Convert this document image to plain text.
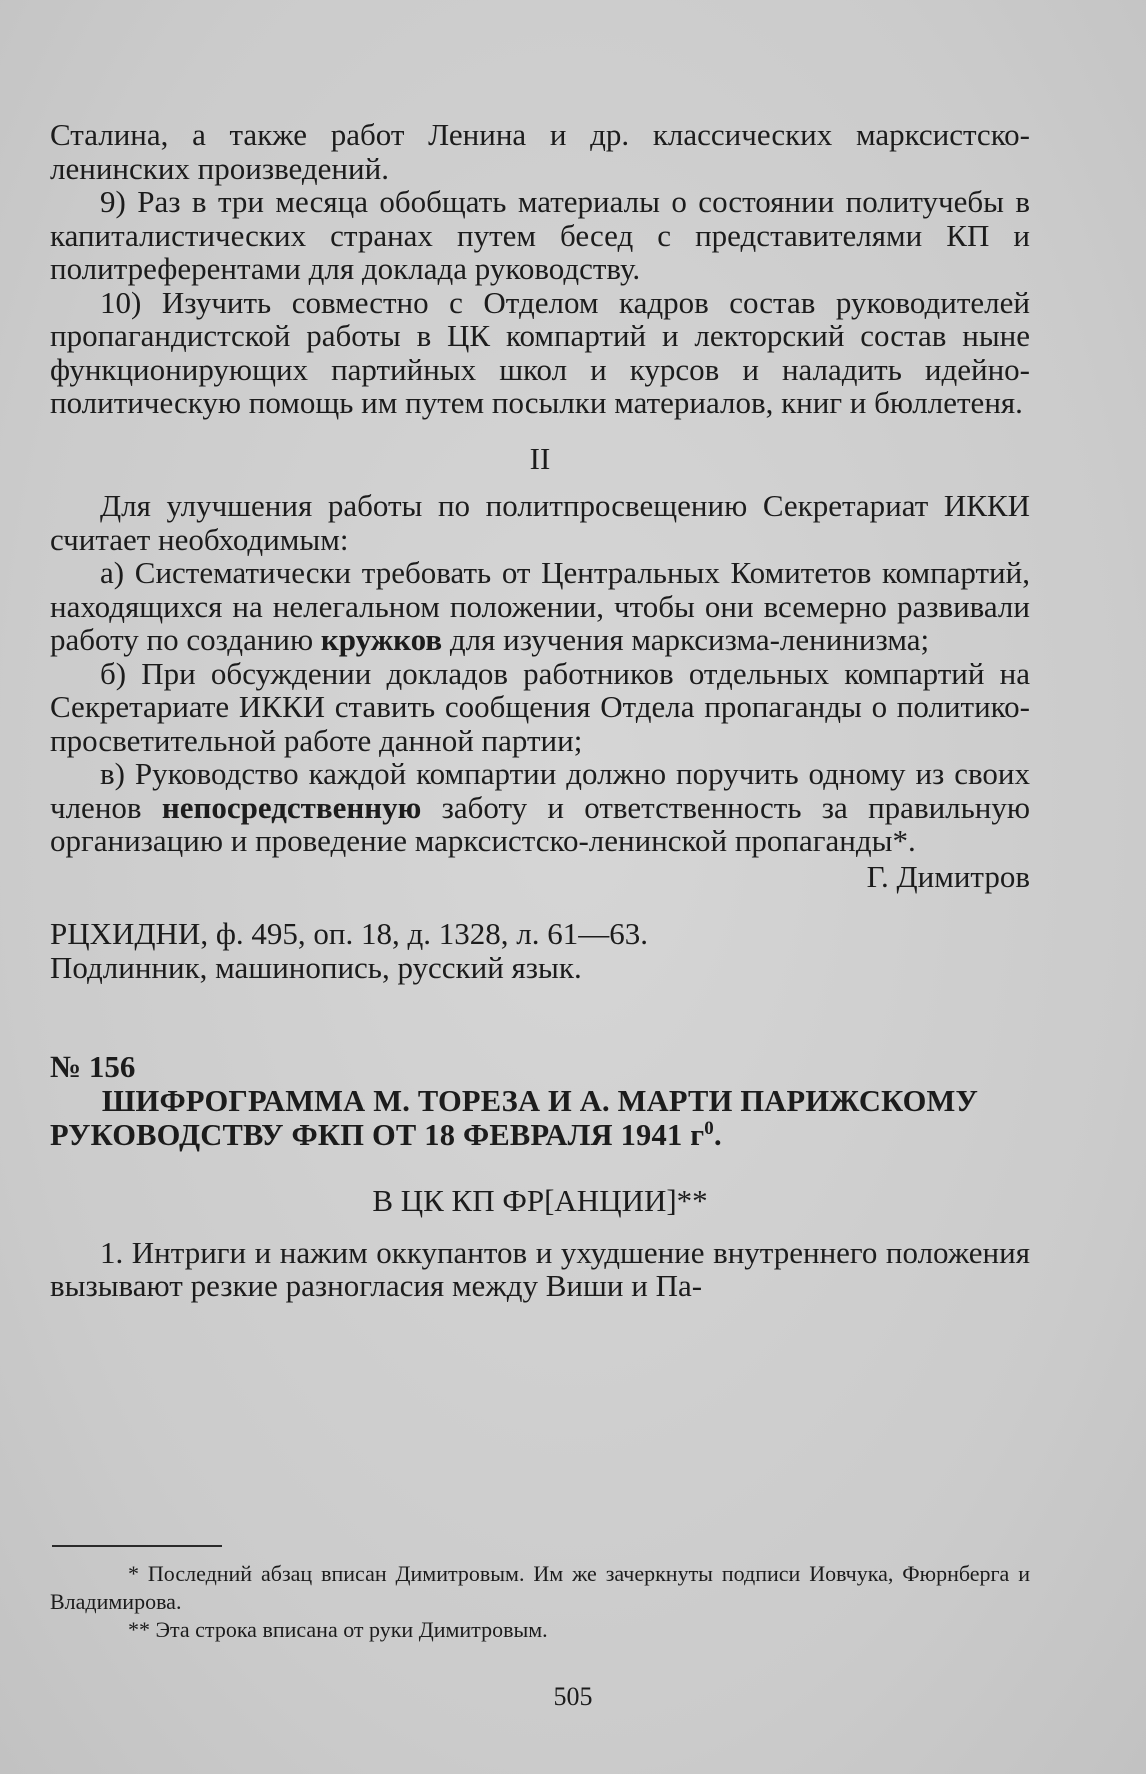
Сталина, а также работ Ленина и др. классических марксистско-ленинских произведений.

9) Раз в три месяца обобщать материалы о состоянии политучебы в капиталистических странах путем бесед с представителями КП и политреферентами для доклада руководству.

10) Изучить совместно с Отделом кадров состав руководителей пропагандистской работы в ЦК компартий и лекторский состав ныне функционирующих партийных школ и курсов и наладить идейно-политическую помощь им путем посылки материалов, книг и бюллетеня.

II

Для улучшения работы по политпросвещению Секретариат ИККИ считает необходимым:

а) Систематически требовать от Центральных Комитетов компартий, находящихся на нелегальном положении, чтобы они всемерно развивали работу по созданию кружков для изучения марксизма-ленинизма;

б) При обсуждении докладов работников отдельных компартий на Секретариате ИККИ ставить сообщения Отдела пропаганды о политико-просветительной работе данной партии;

в) Руководство каждой компартии должно поручить одному из своих членов непосредственную заботу и ответственность за правильную организацию и проведение марксистско-ленинской пропаганды*.

Г. Димитров

РЦХИДНИ, ф. 495, оп. 18, д. 1328, л. 61—63.

Подлинник, машинопись, русский язык.

№ 156

ШИФРОГРАММА М. ТОРЕЗА И А. МАРТИ ПАРИЖСКОМУ РУКОВОДСТВУ ФКП ОТ 18 ФЕВРАЛЯ 1941 $г^0$.

В ЦК КП ФР[АНЦИИ]**

1. Интриги и нажим оккупантов и ухудшение внутреннего положения вызывают резкие разногласия между Виши и Па-

* Последний абзац вписан Димитровым. Им же зачеркнуты подписи Иовчука, Фюрнберга и Владимирова.

** Эта строка вписана от руки Димитровым.

505
